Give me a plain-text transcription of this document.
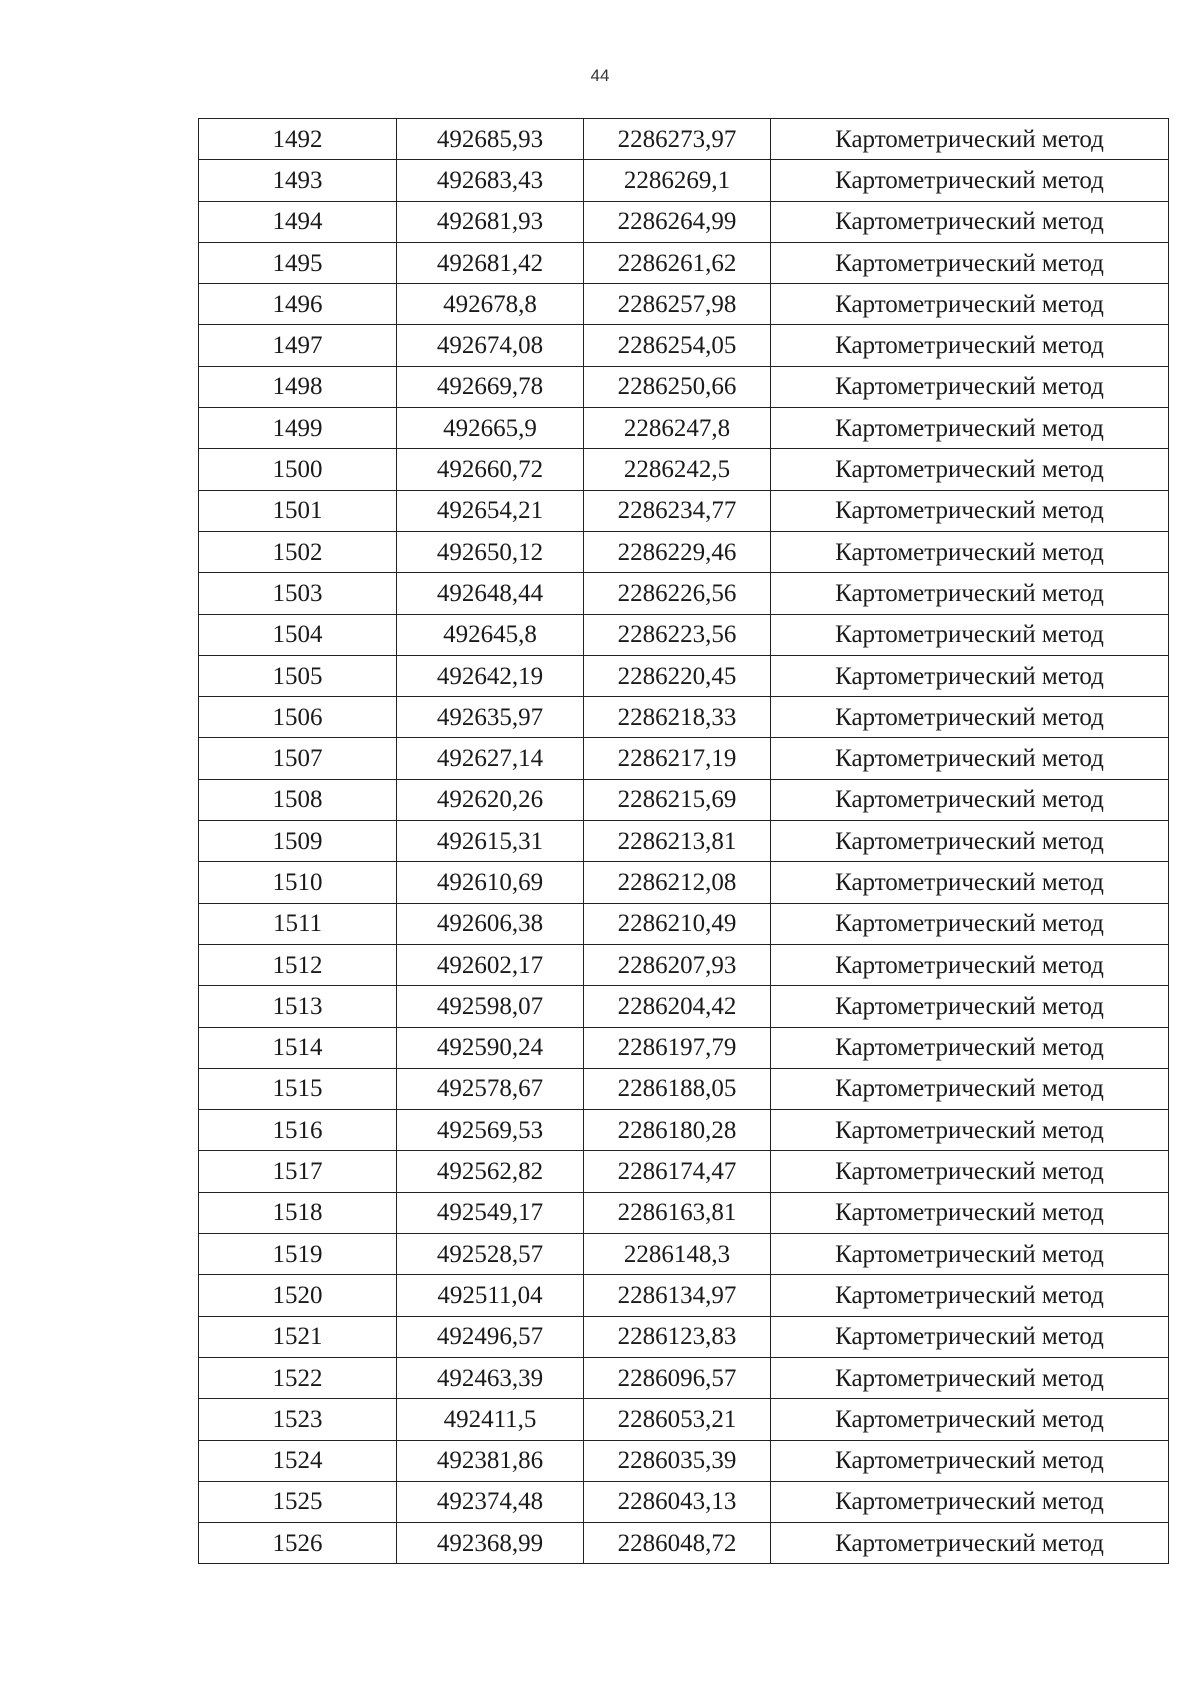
44
1492	492685,93	2286273,97	Картометрический метод
1493	492683,43	2286269,1	Картометрический метод
1494	492681,93	2286264,99	Картометрический метод
1495	492681,42	2286261,62	Картометрический метод
1496	492678,8	2286257,98	Картометрический метод
1497	492674,08	2286254,05	Картометрический метод
1498	492669,78	2286250,66	Картометрический метод
1499	492665,9	2286247,8	Картометрический метод
1500	492660,72	2286242,5	Картометрический метод
1501	492654,21	2286234,77	Картометрический метод
1502	492650,12	2286229,46	Картометрический метод
1503	492648,44	2286226,56	Картометрический метод
1504	492645,8	2286223,56	Картометрический метод
1505	492642,19	2286220,45	Картометрический метод
1506	492635,97	2286218,33	Картометрический метод
1507	492627,14	2286217,19	Картометрический метод
1508	492620,26	2286215,69	Картометрический метод
1509	492615,31	2286213,81	Картометрический метод
1510	492610,69	2286212,08	Картометрический метод
1511	492606,38	2286210,49	Картометрический метод
1512	492602,17	2286207,93	Картометрический метод
1513	492598,07	2286204,42	Картометрический метод
1514	492590,24	2286197,79	Картометрический метод
1515	492578,67	2286188,05	Картометрический метод
1516	492569,53	2286180,28	Картометрический метод
1517	492562,82	2286174,47	Картометрический метод
1518	492549,17	2286163,81	Картометрический метод
1519	492528,57	2286148,3	Картометрический метод
1520	492511,04	2286134,97	Картометрический метод
1521	492496,57	2286123,83	Картометрический метод
1522	492463,39	2286096,57	Картометрический метод
1523	492411,5	2286053,21	Картометрический метод
1524	492381,86	2286035,39	Картометрический метод
1525	492374,48	2286043,13	Картометрический метод
1526	492368,99	2286048,72	Картометрический метод
